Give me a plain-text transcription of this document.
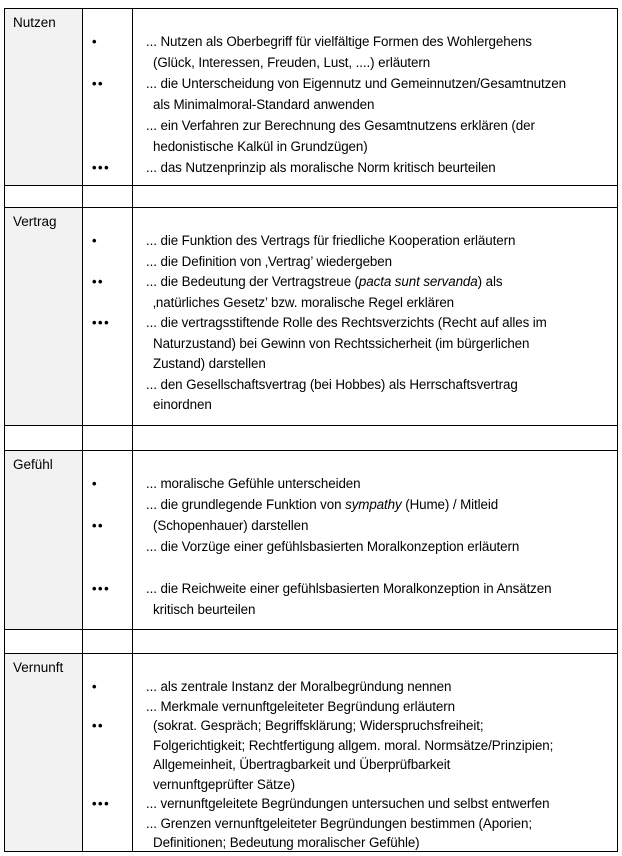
Nutzen
•
••
•••
... Nutzen als Oberbegriff für vielfältige Formen des Wohlergehens
(Glück, Interessen, Freuden, Lust, ....) erläutern
... die Unterscheidung von Eigennutz und Gemeinnutzen/Gesamtnutzen
als Minimalmoral-Standard anwenden
... ein Verfahren zur Berechnung des Gesamtnutzens erklären (der
hedonistische Kalkül in Grundzügen)
... das Nutzenprinzip als moralische Norm kritisch beurteilen
Vertrag
•
••
•••
... die Funktion des Vertrags für friedliche Kooperation erläutern
... die Definition von ‚Vertrag’ wiedergeben
... die Bedeutung der Vertragstreue (pacta sunt servanda) als
‚natürliches Gesetz’ bzw. moralische Regel erklären
... die vertragsstiftende Rolle des Rechtsverzichts (Recht auf alles im
Naturzustand) bei Gewinn von Rechtssicherheit (im bürgerlichen
Zustand) darstellen
... den Gesellschaftsvertrag (bei Hobbes) als Herrschaftsvertrag
einordnen
Gefühl
•
••
•••
... moralische Gefühle unterscheiden
... die grundlegende Funktion von sympathy (Hume) / Mitleid
(Schopenhauer) darstellen
... die Vorzüge einer gefühlsbasierten Moralkonzeption erläutern
... die Reichweite einer gefühlsbasierten Moralkonzeption in Ansätzen
kritisch beurteilen
Vernunft
•
••
•••
... als zentrale Instanz der Moralbegründung nennen
... Merkmale vernunftgeleiteter Begründung erläutern
(sokrat. Gespräch; Begriffsklärung; Widerspruchsfreiheit;
Folgerichtigkeit; Rechtfertigung allgem. moral. Normsätze/Prinzipien;
Allgemeinheit, Übertragbarkeit und Überprüfbarkeit
vernunftgeprüfter Sätze)
... vernunftgeleitete Begründungen untersuchen und selbst entwerfen
... Grenzen vernunftgeleiteter Begründungen bestimmen (Aporien;
Definitionen; Bedeutung moralischer Gefühle)
